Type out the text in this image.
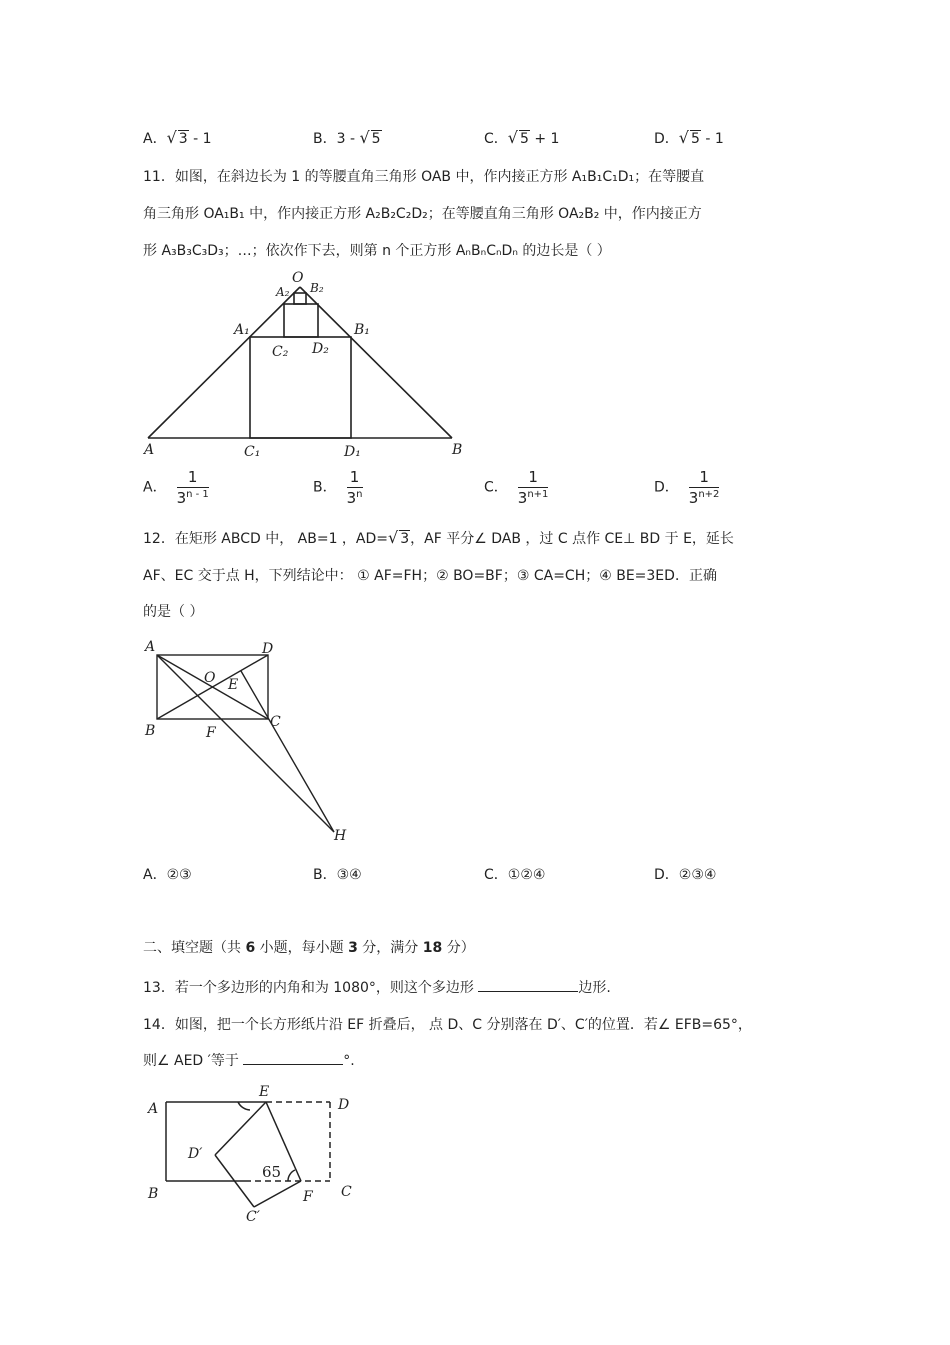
A．√ 3 - 1	B．3 - √ 5	C．√ 5 + 1	D．√ 5 - 1
11．如图，在斜边长为 1 的等腰直角三角形 OAB 中，作内接正方形 A₁B₁C₁D₁；在等腰直
角三角形 OA₁B₁ 中，作内接正方形 A₂B₂C₂D₂；在等腰直角三角形 OA₂B₂ 中，作内接正方
形 A₃B₃C₃D₃；…；依次作下去，则第 n 个正方形 AₙBₙCₙDₙ 的边长是（ ）
O
A	B
A₁	B₁
A₂ B₂
C₁	D₁
C₂ D₂
A． $\frac{1}{3^{n - 1}}$	B． $\frac{1}{3^n}$	C． $\frac{1}{3^{n+1}}$	D． $\frac{1}{3^{n+2}}$
12．在矩形 ABCD 中， AB=1 ，AD=√ 3，AF 平分∠ DAB ，过 C 点作 CE⊥ BD 于 E，延长
AF、EC 交于点 H，下列结论中： ① AF=FH；② BO=BF；③ CA=CH；④ BE=3ED．正确
的是（ ）
A	D
B
C
O E
F
H
A．②③	B．③④	C．①②④	D．②③④
二、填空题（共 6 小题，每小题 3 分，满分 18 分）
13．若一个多边形的内角和为 1080°，则这个多边形	边形.
14．如图，把一个长方形纸片沿 EF 折叠后， 点 D、C 分别落在 D′、C′的位置．若∠ EFB=65°，
则∠ AED ′等于	°.
A
E
D
B	C
D′
F
C′
65
